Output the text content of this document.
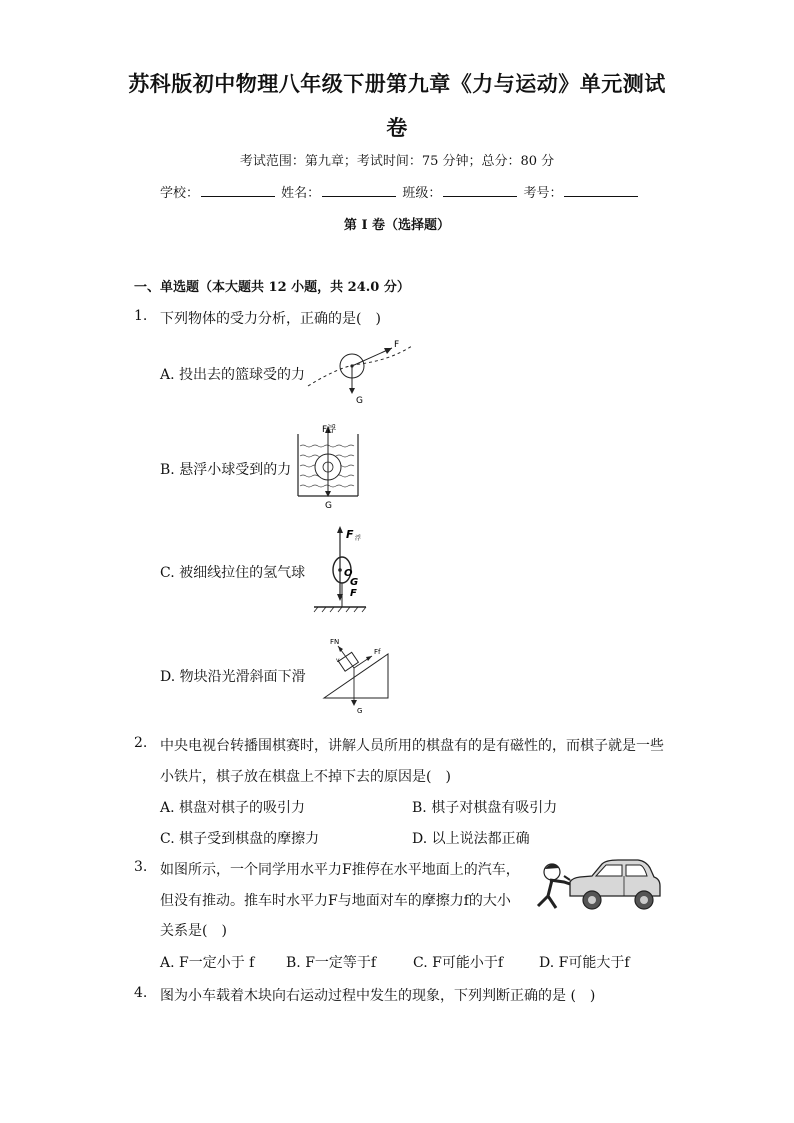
苏科版初中物理八年级下册第九章《力与运动》单元测试
卷
考试范围：第九章；考试时间：75 分钟；总分：80 分
学校：	姓名：	班级：	考号：
第 I 卷（选择题）
一、单选题（本大题共 12 小题，共 24.0 分）
1. 下列物体的受力分析，正确的是(　)
A. 投出去的篮球受的力
F
G
B. 悬浮小球受到的力
F浮
G
C. 被细线拉住的氢气球
F 浮
O
G
F
D. 物块沿光滑斜面下滑
FN
Ff
v
G
2. 中央电视台转播围棋赛时，讲解人员所用的棋盘有的是有磁性的，而棋子就是一些
小铁片，棋子放在棋盘上不掉下去的原因是(　)
A. 棋盘对棋子的吸引力	B. 棋子对棋盘有吸引力
C. 棋子受到棋盘的摩擦力	D. 以上说法都正确
3. 如图所示，一个同学用水平力F推停在水平地面上的汽车，
但没有推动。推车时水平力F与地面对车的摩擦力f的大小
关系是(　)
A. F一定小于 f B. F一定等于f	C. F可能小于f	D. F可能大于f
4. 图为小车载着木块向右运动过程中发生的现象，下列判断正确的是 (　)
